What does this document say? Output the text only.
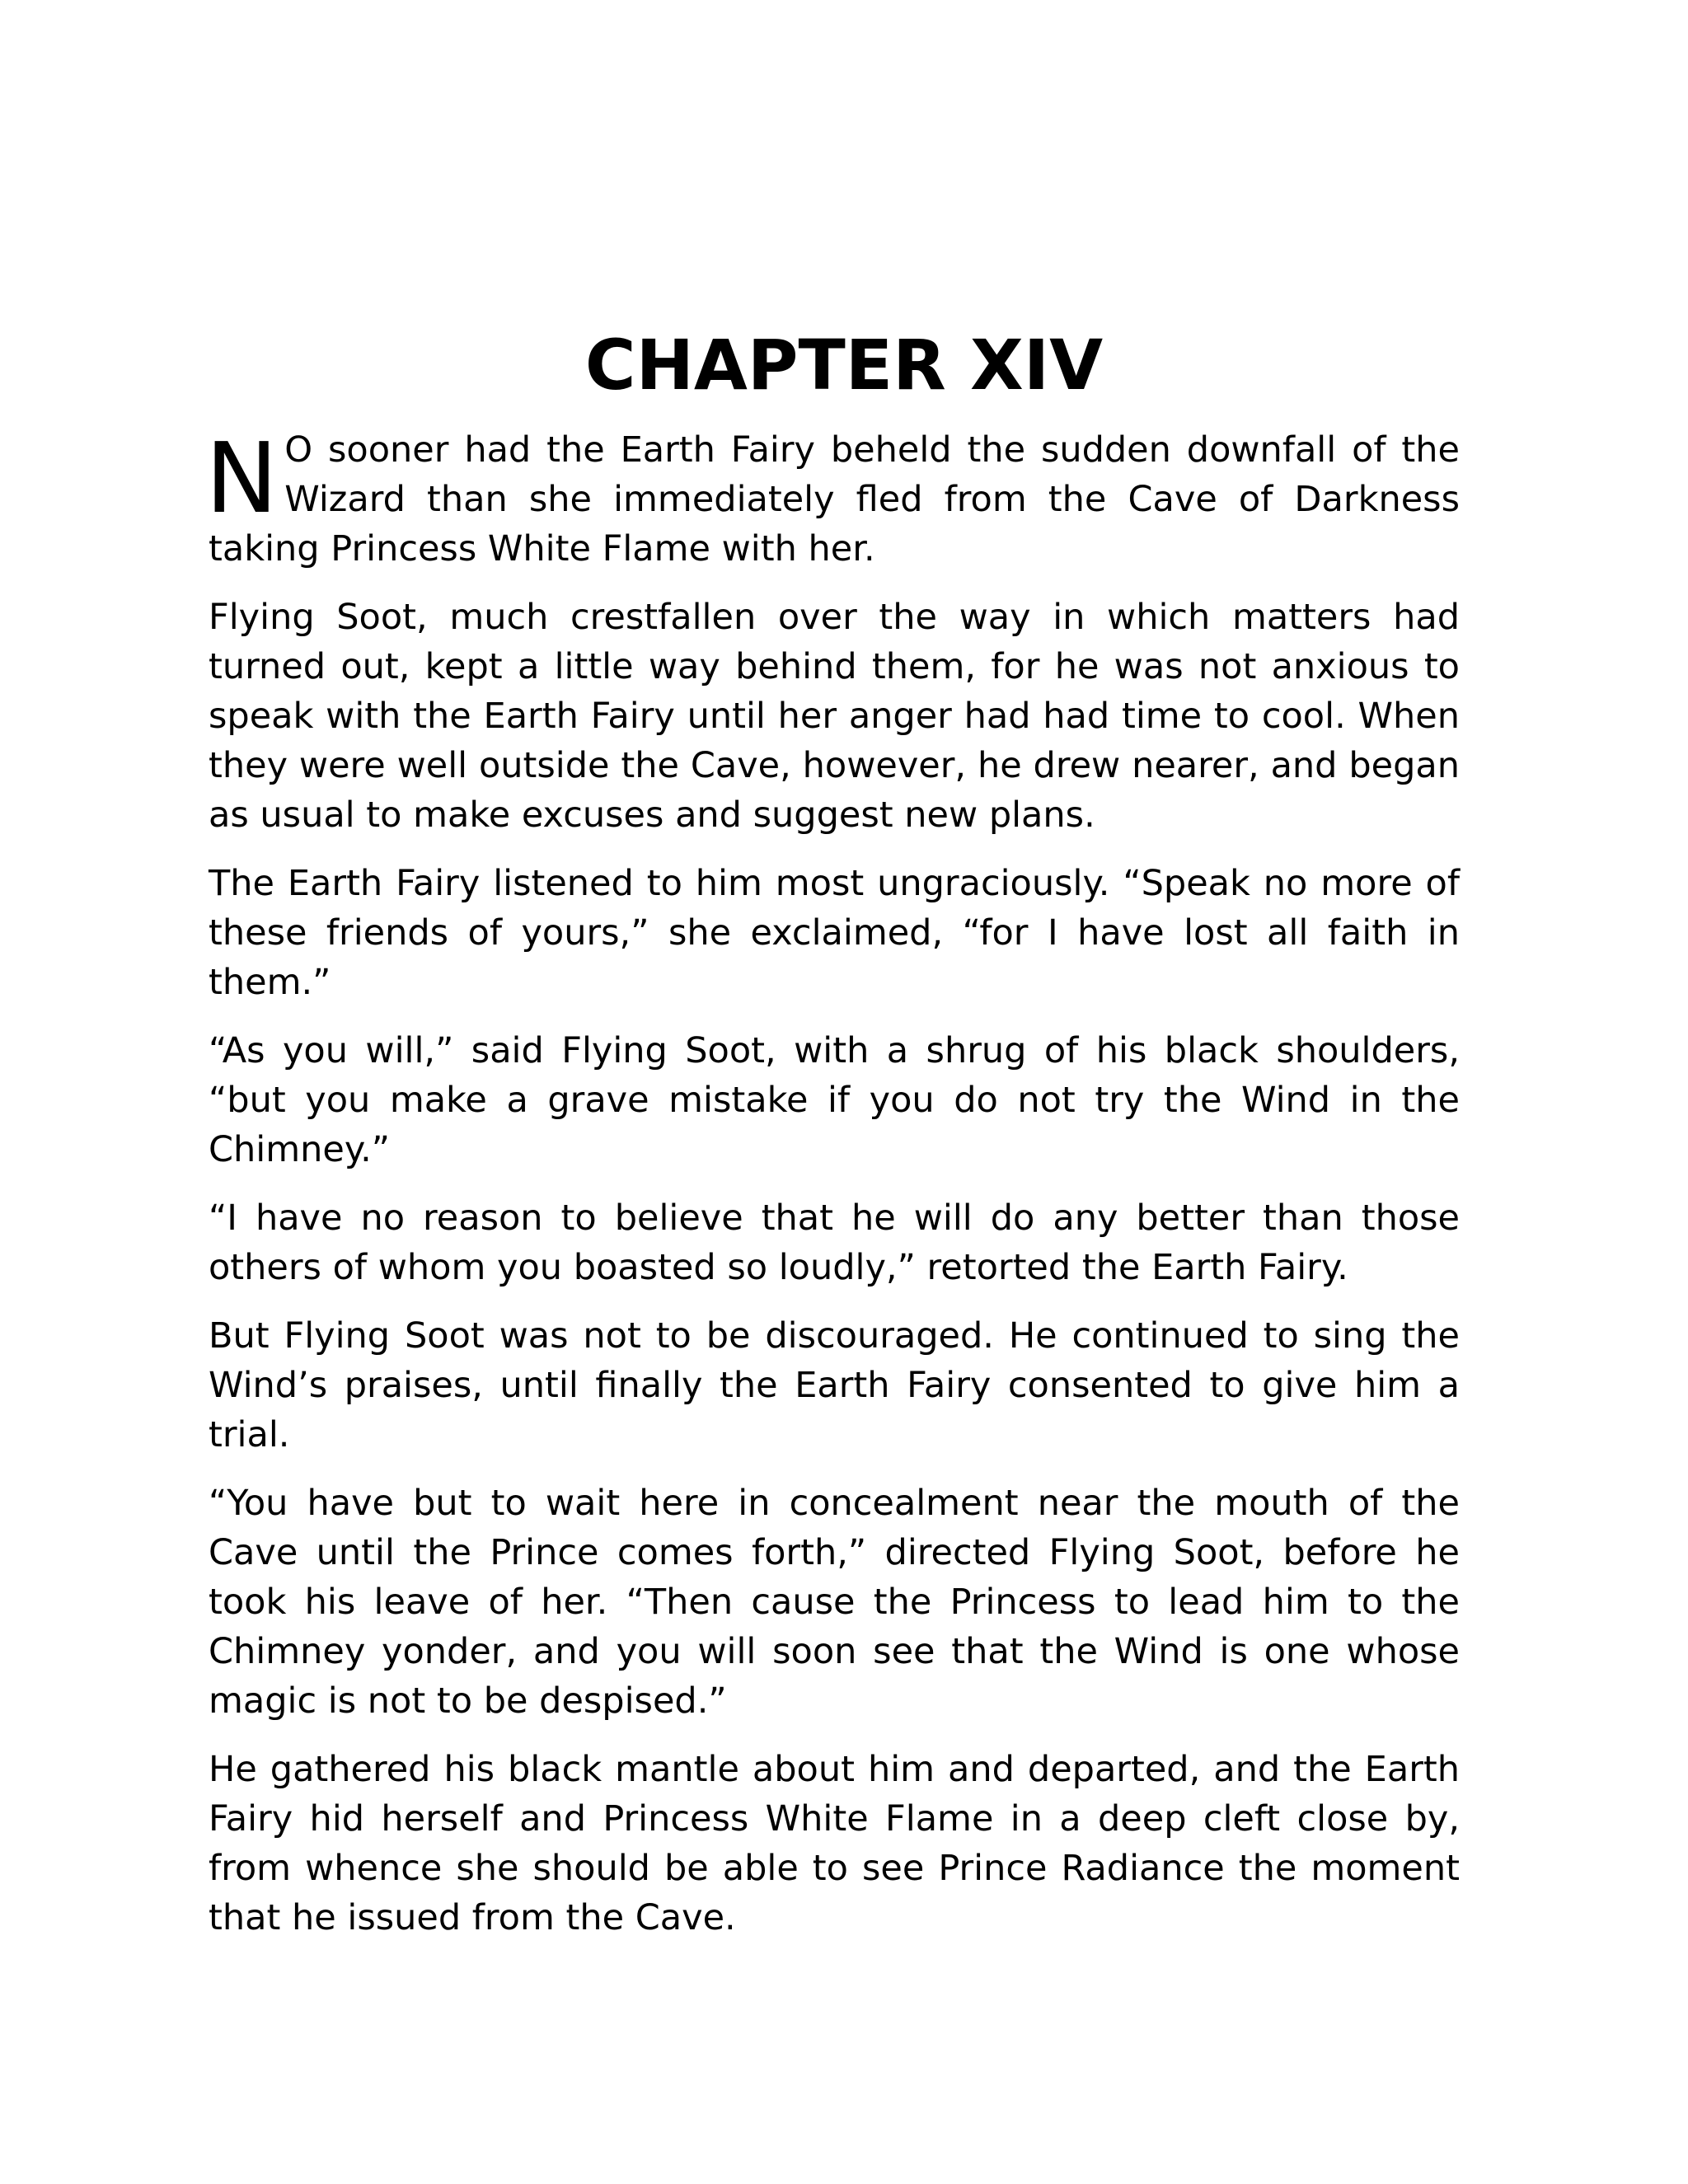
CHAPTER XIV

N O sooner had the Earth Fairy beheld the sudden downfall of the Wizard than she immediately fled from the Cave of Darkness taking Princess White Flame with her.

Flying Soot, much crestfallen over the way in which matters had turned out, kept a little way behind them, for he was not anxious to speak with the Earth Fairy until her anger had had time to cool. When they were well outside the Cave, however, he drew nearer, and began as usual to make excuses and suggest new plans.

The Earth Fairy listened to him most ungraciously. “Speak no more of these friends of yours,” she exclaimed, “for I have lost all faith in them.”

“As you will,” said Flying Soot, with a shrug of his black shoulders, “but you make a grave mistake if you do not try the Wind in the Chimney.”

“I have no reason to believe that he will do any better than those others of whom you boasted so loudly,” retorted the Earth Fairy.

But Flying Soot was not to be discouraged. He continued to sing the Wind’s praises, until finally the Earth Fairy consented to give him a trial.

“You have but to wait here in concealment near the mouth of the Cave until the Prince comes forth,” directed Flying Soot, before he took his leave of her. “Then cause the Princess to lead him to the Chimney yonder, and you will soon see that the Wind is one whose magic is not to be despised.”

He gathered his black mantle about him and departed, and the Earth Fairy hid herself and Princess White Flame in a deep cleft close by, from whence she should be able to see Prince Radiance the moment that he issued from the Cave.
